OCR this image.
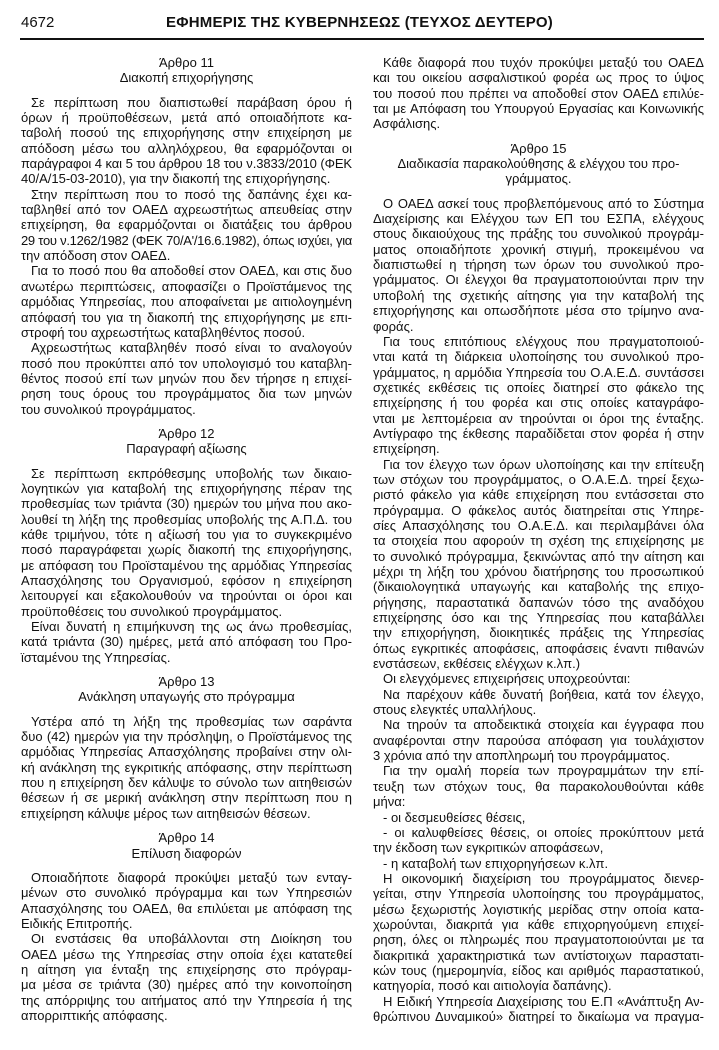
4672	ΕΦΗΜΕΡΙΣ ΤΗΣ ΚΥΒΕΡΝΗΣΕΩΣ (ΤΕΥΧΟΣ ΔΕΥΤΕΡΟ)
Άρθρο 11
Διακοπή επιχορήγησης
Σε περίπτωση που διαπιστωθεί παράβαση όρου ή
όρων ή προϋποθέσεων, μετά από οποιαδήποτε κα-
ταβολή ποσού της επιχορήγησης στην επιχείρηση με
απόδοση μέσω του αλληλόχρεου, θα εφαρμόζονται οι
παράγραφοι 4 και 5 του άρθρου 18 του ν.3833/2010 (ΦΕΚ
40/Α/15-03-2010), για την διακοπή της επιχορήγησης.
Στην περίπτωση που το ποσό της δαπάνης έχει κα-
ταβληθεί από τον ΟΑΕΔ αχρεωστήτως απευθείας στην
επιχείρηση, θα εφαρμόζονται οι διατάξεις του άρθρου
29 του ν.1262/1982 (ΦΕΚ 70/Α'/16.6.1982), όπως ισχύει, για
την απόδοση στον ΟΑΕΔ.
Για το ποσό που θα αποδοθεί στον ΟΑΕΔ, και στις δυο
ανωτέρω περιπτώσεις, αποφασίζει ο Προϊστάμενος της
αρμόδιας Υπηρεσίας, που αποφαίνεται με αιτιολογημένη
απόφασή του για τη διακοπή της επιχορήγησης με επι-
στροφή του αχρεωστήτως καταβληθέντος ποσού.
Αχρεωστήτως καταβληθέν ποσό είναι το αναλογούν
ποσό που προκύπτει από τον υπολογισμό του καταβλη-
θέντος ποσού επί των μηνών που δεν τήρησε η επιχεί-
ρηση τους όρους του προγράμματος δια των μηνών
του συνολικού προγράμματος.
Άρθρο 12
Παραγραφή αξίωσης
Σε περίπτωση εκπρόθεσμης υποβολής των δικαιο-
λογητικών για καταβολή της επιχορήγησης πέραν της
προθεσμίας των τριάντα (30) ημερών του μήνα που ακο-
λουθεί τη λήξη της προθεσμίας υποβολής της Α.Π.Δ. του
κάθε τριμήνου, τότε η αξίωσή του για το συγκεκριμένο
ποσό παραγράφεται χωρίς διακοπή της επιχορήγησης,
με απόφαση του Προϊσταμένου της αρμόδιας Υπηρεσίας
Απασχόλησης του Οργανισμού, εφόσον η επιχείρηση
λειτουργεί και εξακολουθούν να τηρούνται οι όροι και
προϋποθέσεις του συνολικού προγράμματος.
Είναι δυνατή η επιμήκυνση της ως άνω προθεσμίας,
κατά τριάντα (30) ημέρες, μετά από απόφαση του Προ-
ϊσταμένου της Υπηρεσίας.
Άρθρο 13
Ανάκληση υπαγωγής στο πρόγραμμα
Υστέρα από τη λήξη της προθεσμίας των σαράντα
δυο (42) ημερών για την πρόσληψη, ο Προϊστάμενος της
αρμόδιας Υπηρεσίας Απασχόλησης προβαίνει στην ολι-
κή ανάκληση της εγκριτικής απόφασης, στην περίπτωση
που η επιχείρηση δεν κάλυψε το σύνολο των αιτηθεισών
θέσεων ή σε μερική ανάκληση στην περίπτωση που η
επιχείρηση κάλυψε μέρος των αιτηθεισών θέσεων.
Άρθρο 14
Επίλυση διαφορών
Οποιαδήποτε διαφορά προκύψει μεταξύ των ενταγ-
μένων στο συνολικό πρόγραμμα και των Υπηρεσιών
Απασχόλησης του ΟΑΕΔ, θα επιλύεται με απόφαση της
Ειδικής Επιτροπής.
Οι ενστάσεις θα υποβάλλονται στη Διοίκηση του
ΟΑΕΔ μέσω της Υπηρεσίας στην οποία έχει κατατεθεί
η αίτηση για ένταξη της επιχείρησης στο πρόγραμ-
μα μέσα σε τριάντα (30) ημέρες από την κοινοποίηση
της απόρριψης του αιτήματος από την Υπηρεσία ή της
απορριπτικής απόφασης.
Κάθε διαφορά που τυχόν προκύψει μεταξύ του ΟΑΕΔ
και του οικείου ασφαλιστικού φορέα ως προς το ύψος
του ποσού που πρέπει να αποδοθεί στον ΟΑΕΔ επιλύε-
ται με Απόφαση του Υπουργού Εργασίας και Κοινωνικής
Ασφάλισης.
Άρθρο 15
Διαδικασία παρακολούθησης & ελέγχου του προ-
γράμματος.
Ο ΟΑΕΔ ασκεί τους προβλεπόμενους από το Σύστημα
Διαχείρισης και Ελέγχου των ΕΠ του ΕΣΠΑ, ελέγχους
στους δικαιούχους της πράξης του συνολικού προγράμ-
ματος οποιαδήποτε χρονική στιγμή, προκειμένου να
διαπιστωθεί η τήρηση των όρων του συνολικού προ-
γράμματος. Οι έλεγχοι θα πραγματοποιούνται πριν την
υποβολή της σχετικής αίτησης για την καταβολή της
επιχορήγησης και οπωσδήποτε μέσα στο τρίμηνο ανα-
φοράς.
Για τους επιτόπιους ελέγχους που πραγματοποιού-
νται κατά τη διάρκεια υλοποίησης του συνολικού προ-
γράμματος, η αρμόδια Υπηρεσία του Ο.Α.Ε.Δ. συντάσσει
σχετικές εκθέσεις τις οποίες διατηρεί στο φάκελο της
επιχείρησης ή του φορέα και στις οποίες καταγράφο-
νται με λεπτομέρεια αν τηρούνται οι όροι της ένταξης.
Αντίγραφο της έκθεσης παραδίδεται στον φορέα ή στην
επιχείρηση.
Για τον έλεγχο των όρων υλοποίησης και την επίτευξη
των στόχων του προγράμματος, ο Ο.Α.Ε.Δ. τηρεί ξεχω-
ριστό φάκελο για κάθε επιχείρηση που εντάσσεται στο
πρόγραμμα. Ο φάκελος αυτός διατηρείται στις Υπηρε-
σίες Απασχόλησης του Ο.Α.Ε.Δ. και περιλαμβάνει όλα
τα στοιχεία που αφορούν τη σχέση της επιχείρησης με
το συνολικό πρόγραμμα, ξεκινώντας από την αίτηση και
μέχρι τη λήξη του χρόνου διατήρησης του προσωπικού
(δικαιολογητικά υπαγωγής και καταβολής της επιχο-
ρήγησης, παραστατικά δαπανών τόσο της αναδόχου
επιχείρησης όσο και της Υπηρεσίας που καταβάλλει
την επιχορήγηση, διοικητικές πράξεις της Υπηρεσίας
όπως εγκριτικές αποφάσεις, αποφάσεις έναντι πιθανών
ενστάσεων, εκθέσεις ελέγχων κ.λπ.)
Οι ελεγχόμενες επιχειρήσεις υποχρεούνται:
Να παρέχουν κάθε δυνατή βοήθεια, κατά τον έλεγχο,
στους ελεγκτές υπαλλήλους.
Να τηρούν τα αποδεικτικά στοιχεία και έγγραφα που
αναφέρονται στην παρούσα απόφαση για τουλάχιστον
3 χρόνια από την αποπληρωμή του προγράμματος.
Για την ομαλή πορεία των προγραμμάτων την επί-
τευξη των στόχων τους, θα παρακολουθούνται κάθε
μήνα:
- οι δεσμευθείσες θέσεις,
- οι καλυφθείσες θέσεις, οι οποίες προκύπτουν μετά
την έκδοση των εγκριτικών αποφάσεων,
- η καταβολή των επιχορηγήσεων κ.λπ.
Η οικονομική διαχείριση του προγράμματος διενερ-
γείται, στην Υπηρεσία υλοποίησης του προγράμματος,
μέσω ξεχωριστής λογιστικής μερίδας στην οποία κατα-
χωρούνται, διακριτά για κάθε επιχορηγούμενη επιχεί-
ρηση, όλες οι πληρωμές που πραγματοποιούνται με τα
διακριτικά χαρακτηριστικά των αντίστοιχων παραστατι-
κών τους (ημερομηνία, είδος και αριθμός παραστατικού,
κατηγορία, ποσό και αιτιολογία δαπάνης).
Η Ειδική Υπηρεσία Διαχείρισης του Ε.Π «Ανάπτυξη Αν-
θρώπινου Δυναμικού» διατηρεί το δικαίωμα να πραγμα-
